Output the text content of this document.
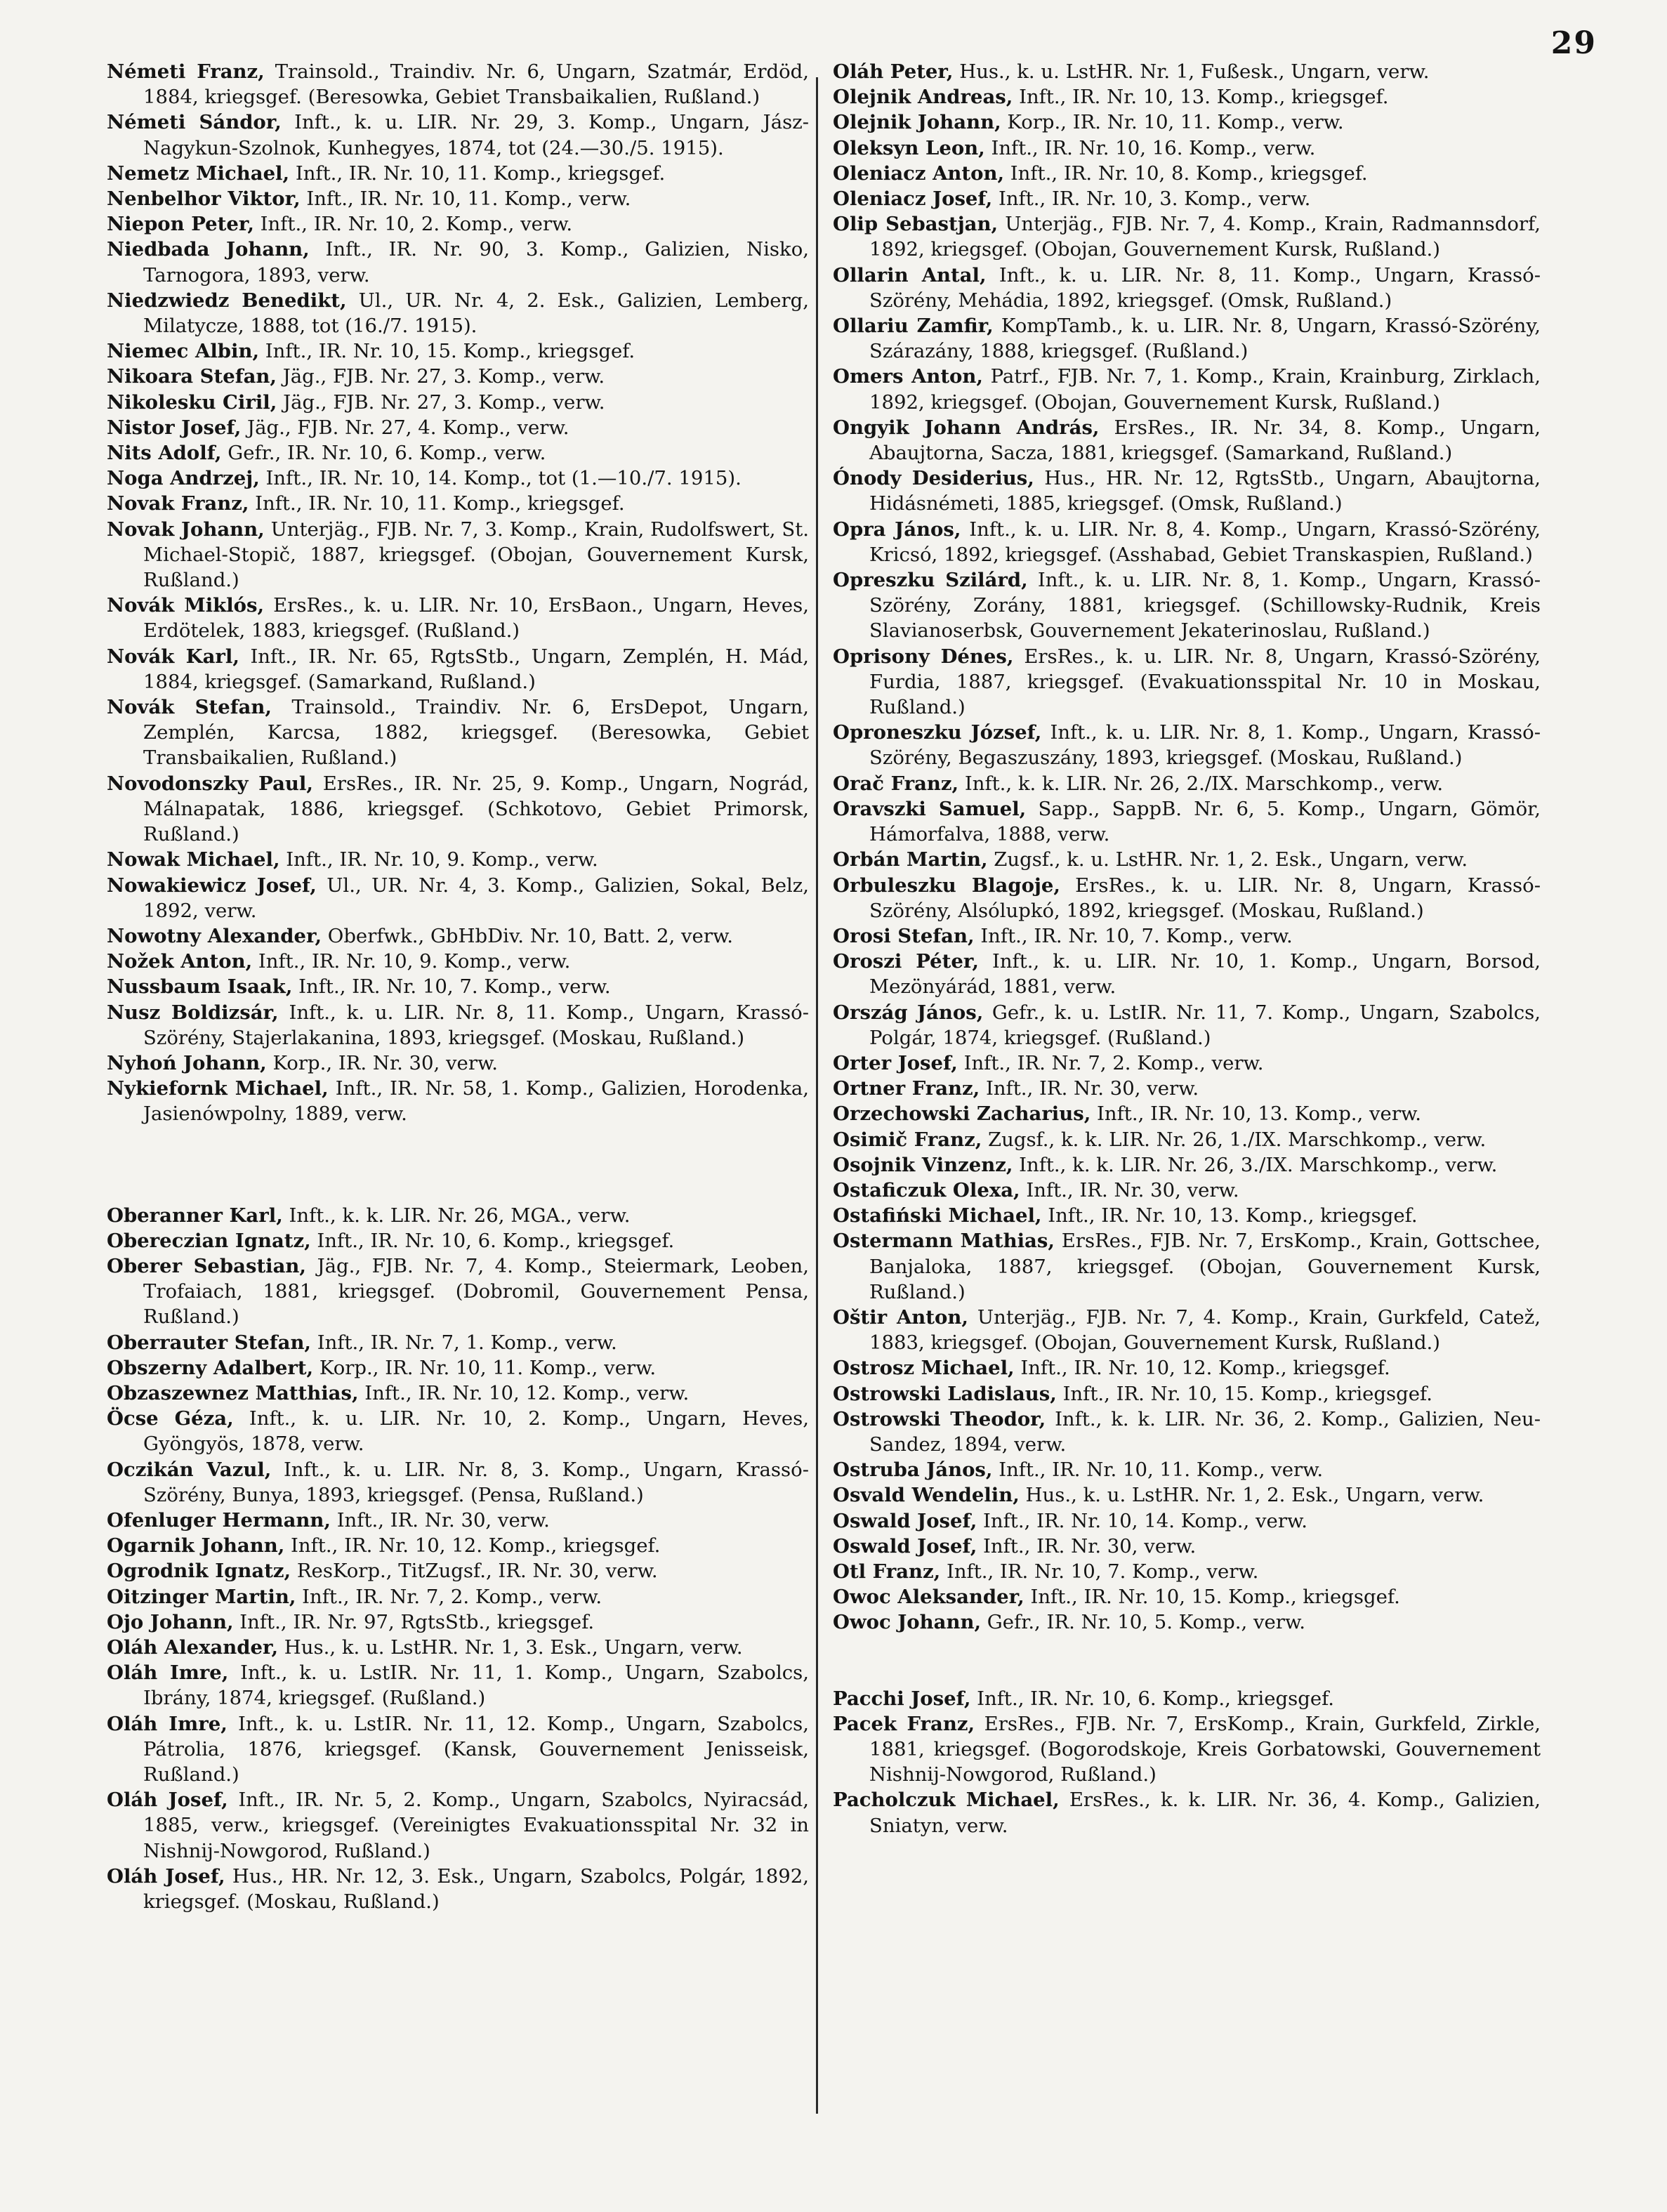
29

Németi Franz, Trainsold., Traindiv. Nr. 6, Ungarn, Szatmár, Erdöd, 1884, kriegsgef. (Beresowka, Gebiet Transbaikalien, Rußland.)

Németi Sándor, Inft., k. u. LIR. Nr. 29, 3. Komp., Ungarn, Jász-Nagykun-Szolnok, Kunhegyes, 1874, tot (24.—30./5. 1915).

Nemetz Michael, Inft., IR. Nr. 10, 11. Komp., kriegsgef.

Nenbelhor Viktor, Inft., IR. Nr. 10, 11. Komp., verw.

Niepon Peter, Inft., IR. Nr. 10, 2. Komp., verw.

Niedbada Johann, Inft., IR. Nr. 90, 3. Komp., Galizien, Nisko, Tarnogora, 1893, verw.

Niedzwiedz Benedikt, Ul., UR. Nr. 4, 2. Esk., Galizien, Lemberg, Milatycze, 1888, tot (16./7. 1915).

Niemec Albin, Inft., IR. Nr. 10, 15. Komp., kriegsgef.

Nikoara Stefan, Jäg., FJB. Nr. 27, 3. Komp., verw.

Nikolesku Ciril, Jäg., FJB. Nr. 27, 3. Komp., verw.

Nistor Josef, Jäg., FJB. Nr. 27, 4. Komp., verw.

Nits Adolf, Gefr., IR. Nr. 10, 6. Komp., verw.

Noga Andrzej, Inft., IR. Nr. 10, 14. Komp., tot (1.—10./7. 1915).

Novak Franz, Inft., IR. Nr. 10, 11. Komp., kriegsgef.

Novak Johann, Unterjäg., FJB. Nr. 7, 3. Komp., Krain, Rudolfswert, St. Michael-Stopič, 1887, kriegsgef. (Obojan, Gouvernement Kursk, Rußland.)

Novák Miklós, ErsRes., k. u. LIR. Nr. 10, ErsBaon., Ungarn, Heves, Erdötelek, 1883, kriegsgef. (Rußland.)

Novák Karl, Inft., IR. Nr. 65, RgtsStb., Ungarn, Zemplén, H. Mád, 1884, kriegsgef. (Samarkand, Rußland.)

Novák Stefan, Trainsold., Traindiv. Nr. 6, ErsDepot, Ungarn, Zemplén, Karcsa, 1882, kriegsgef. (Beresowka, Gebiet Transbaikalien, Rußland.)

Novodonszky Paul, ErsRes., IR. Nr. 25, 9. Komp., Ungarn, Nográd, Málnapatak, 1886, kriegsgef. (Schkotovo, Gebiet Primorsk, Rußland.)

Nowak Michael, Inft., IR. Nr. 10, 9. Komp., verw.

Nowakiewicz Josef, Ul., UR. Nr. 4, 3. Komp., Galizien, Sokal, Belz, 1892, verw.

Nowotny Alexander, Oberfwk., GbHbDiv. Nr. 10, Batt. 2, verw.

Nožek Anton, Inft., IR. Nr. 10, 9. Komp., verw.

Nussbaum Isaak, Inft., IR. Nr. 10, 7. Komp., verw.

Nusz Boldizsár, Inft., k. u. LIR. Nr. 8, 11. Komp., Ungarn, Krassó-Szörény, Stajerlakanina, 1893, kriegsgef. (Moskau, Rußland.)

Nyhoń Johann, Korp., IR. Nr. 30, verw.

Nykiefornk Michael, Inft., IR. Nr. 58, 1. Komp., Galizien, Horodenka, Jasienówpolny, 1889, verw.

Oberanner Karl, Inft., k. k. LIR. Nr. 26, MGA., verw.

Obereczian Ignatz, Inft., IR. Nr. 10, 6. Komp., kriegsgef.

Oberer Sebastian, Jäg., FJB. Nr. 7, 4. Komp., Steiermark, Leoben, Trofaiach, 1881, kriegsgef. (Dobromil, Gouvernement Pensa, Rußland.)

Oberrauter Stefan, Inft., IR. Nr. 7, 1. Komp., verw.

Obszerny Adalbert, Korp., IR. Nr. 10, 11. Komp., verw.

Obzaszewnez Matthias, Inft., IR. Nr. 10, 12. Komp., verw.

Öcse Géza, Inft., k. u. LIR. Nr. 10, 2. Komp., Ungarn, Heves, Gyöngyös, 1878, verw.

Oczikán Vazul, Inft., k. u. LIR. Nr. 8, 3. Komp., Ungarn, Krassó-Szörény, Bunya, 1893, kriegsgef. (Pensa, Rußland.)

Ofenluger Hermann, Inft., IR. Nr. 30, verw.

Ogarnik Johann, Inft., IR. Nr. 10, 12. Komp., kriegsgef.

Ogrodnik Ignatz, ResKorp., TitZugsf., IR. Nr. 30, verw.

Oitzinger Martin, Inft., IR. Nr. 7, 2. Komp., verw.

Ojo Johann, Inft., IR. Nr. 97, RgtsStb., kriegsgef.

Oláh Alexander, Hus., k. u. LstHR. Nr. 1, 3. Esk., Ungarn, verw.

Oláh Imre, Inft., k. u. LstIR. Nr. 11, 1. Komp., Ungarn, Szabolcs, Ibrány, 1874, kriegsgef. (Rußland.)

Oláh Imre, Inft., k. u. LstIR. Nr. 11, 12. Komp., Ungarn, Szabolcs, Pátrolia, 1876, kriegsgef. (Kansk, Gouvernement Jenisseisk, Rußland.)

Oláh Josef, Inft., IR. Nr. 5, 2. Komp., Ungarn, Szabolcs, Nyiracsád, 1885, verw., kriegsgef. (Vereinigtes Evakuationsspital Nr. 32 in Nishnij-Nowgorod, Rußland.)

Oláh Josef, Hus., HR. Nr. 12, 3. Esk., Ungarn, Szabolcs, Polgár, 1892, kriegsgef. (Moskau, Rußland.)

Oláh Peter, Hus., k. u. LstHR. Nr. 1, Fußesk., Ungarn, verw.

Olejnik Andreas, Inft., IR. Nr. 10, 13. Komp., kriegsgef.

Olejnik Johann, Korp., IR. Nr. 10, 11. Komp., verw.

Oleksyn Leon, Inft., IR. Nr. 10, 16. Komp., verw.

Oleniacz Anton, Inft., IR. Nr. 10, 8. Komp., kriegsgef.

Oleniacz Josef, Inft., IR. Nr. 10, 3. Komp., verw.

Olip Sebastjan, Unterjäg., FJB. Nr. 7, 4. Komp., Krain, Radmannsdorf, 1892, kriegsgef. (Obojan, Gouvernement Kursk, Rußland.)

Ollarin Antal, Inft., k. u. LIR. Nr. 8, 11. Komp., Ungarn, Krassó-Szörény, Mehádia, 1892, kriegsgef. (Omsk, Rußland.)

Ollariu Zamfir, KompTamb., k. u. LIR. Nr. 8, Ungarn, Krassó-Szörény, Szárazány, 1888, kriegsgef. (Rußland.)

Omers Anton, Patrf., FJB. Nr. 7, 1. Komp., Krain, Krainburg, Zirklach, 1892, kriegsgef. (Obojan, Gouvernement Kursk, Rußland.)

Ongyik Johann András, ErsRes., IR. Nr. 34, 8. Komp., Ungarn, Abaujtorna, Sacza, 1881, kriegsgef. (Samarkand, Rußland.)

Ónody Desiderius, Hus., HR. Nr. 12, RgtsStb., Ungarn, Abaujtorna, Hidásnémeti, 1885, kriegsgef. (Omsk, Rußland.)

Opra János, Inft., k. u. LIR. Nr. 8, 4. Komp., Ungarn, Krassó-Szörény, Kricsó, 1892, kriegsgef. (Asshabad, Gebiet Transkaspien, Rußland.)

Opreszku Szilárd, Inft., k. u. LIR. Nr. 8, 1. Komp., Ungarn, Krassó-Szörény, Zorány, 1881, kriegsgef. (Schillowsky-Rudnik, Kreis Slavianoserbsk, Gouvernement Jekaterinoslau, Rußland.)

Oprisony Dénes, ErsRes., k. u. LIR. Nr. 8, Ungarn, Krassó-Szörény, Furdia, 1887, kriegsgef. (Evakuationsspital Nr. 10 in Moskau, Rußland.)

Oproneszku József, Inft., k. u. LIR. Nr. 8, 1. Komp., Ungarn, Krassó-Szörény, Begaszuszány, 1893, kriegsgef. (Moskau, Rußland.)

Orač Franz, Inft., k. k. LIR. Nr. 26, 2./IX. Marschkomp., verw.

Oravszki Samuel, Sapp., SappB. Nr. 6, 5. Komp., Ungarn, Gömör, Hámorfalva, 1888, verw.

Orbán Martin, Zugsf., k. u. LstHR. Nr. 1, 2. Esk., Ungarn, verw.

Orbuleszku Blagoje, ErsRes., k. u. LIR. Nr. 8, Ungarn, Krassó-Szörény, Alsólupkó, 1892, kriegsgef. (Moskau, Rußland.)

Orosi Stefan, Inft., IR. Nr. 10, 7. Komp., verw.

Oroszi Péter, Inft., k. u. LIR. Nr. 10, 1. Komp., Ungarn, Borsod, Mezönyárád, 1881, verw.

Ország János, Gefr., k. u. LstIR. Nr. 11, 7. Komp., Ungarn, Szabolcs, Polgár, 1874, kriegsgef. (Rußland.)

Orter Josef, Inft., IR. Nr. 7, 2. Komp., verw.

Ortner Franz, Inft., IR. Nr. 30, verw.

Orzechowski Zacharius, Inft., IR. Nr. 10, 13. Komp., verw.

Osimič Franz, Zugsf., k. k. LIR. Nr. 26, 1./IX. Marschkomp., verw.

Osojnik Vinzenz, Inft., k. k. LIR. Nr. 26, 3./IX. Marschkomp., verw.

Ostaficzuk Olexa, Inft., IR. Nr. 30, verw.

Ostafiński Michael, Inft., IR. Nr. 10, 13. Komp., kriegsgef.

Ostermann Mathias, ErsRes., FJB. Nr. 7, ErsKomp., Krain, Gottschee, Banjaloka, 1887, kriegsgef. (Obojan, Gouvernement Kursk, Rußland.)

Oštir Anton, Unterjäg., FJB. Nr. 7, 4. Komp., Krain, Gurkfeld, Catež, 1883, kriegsgef. (Obojan, Gouvernement Kursk, Rußland.)

Ostrosz Michael, Inft., IR. Nr. 10, 12. Komp., kriegsgef.

Ostrowski Ladislaus, Inft., IR. Nr. 10, 15. Komp., kriegsgef.

Ostrowski Theodor, Inft., k. k. LIR. Nr. 36, 2. Komp., Galizien, Neu-Sandez, 1894, verw.

Ostruba János, Inft., IR. Nr. 10, 11. Komp., verw.

Osvald Wendelin, Hus., k. u. LstHR. Nr. 1, 2. Esk., Ungarn, verw.

Oswald Josef, Inft., IR. Nr. 10, 14. Komp., verw.

Oswald Josef, Inft., IR. Nr. 30, verw.

Otl Franz, Inft., IR. Nr. 10, 7. Komp., verw.

Owoc Aleksander, Inft., IR. Nr. 10, 15. Komp., kriegsgef.

Owoc Johann, Gefr., IR. Nr. 10, 5. Komp., verw.

Pacchi Josef, Inft., IR. Nr. 10, 6. Komp., kriegsgef.

Pacek Franz, ErsRes., FJB. Nr. 7, ErsKomp., Krain, Gurkfeld, Zirkle, 1881, kriegsgef. (Bogorodskoje, Kreis Gorbatowski, Gouvernement Nishnij-Nowgorod, Rußland.)

Pacholczuk Michael, ErsRes., k. k. LIR. Nr. 36, 4. Komp., Galizien, Sniatyn, verw.
